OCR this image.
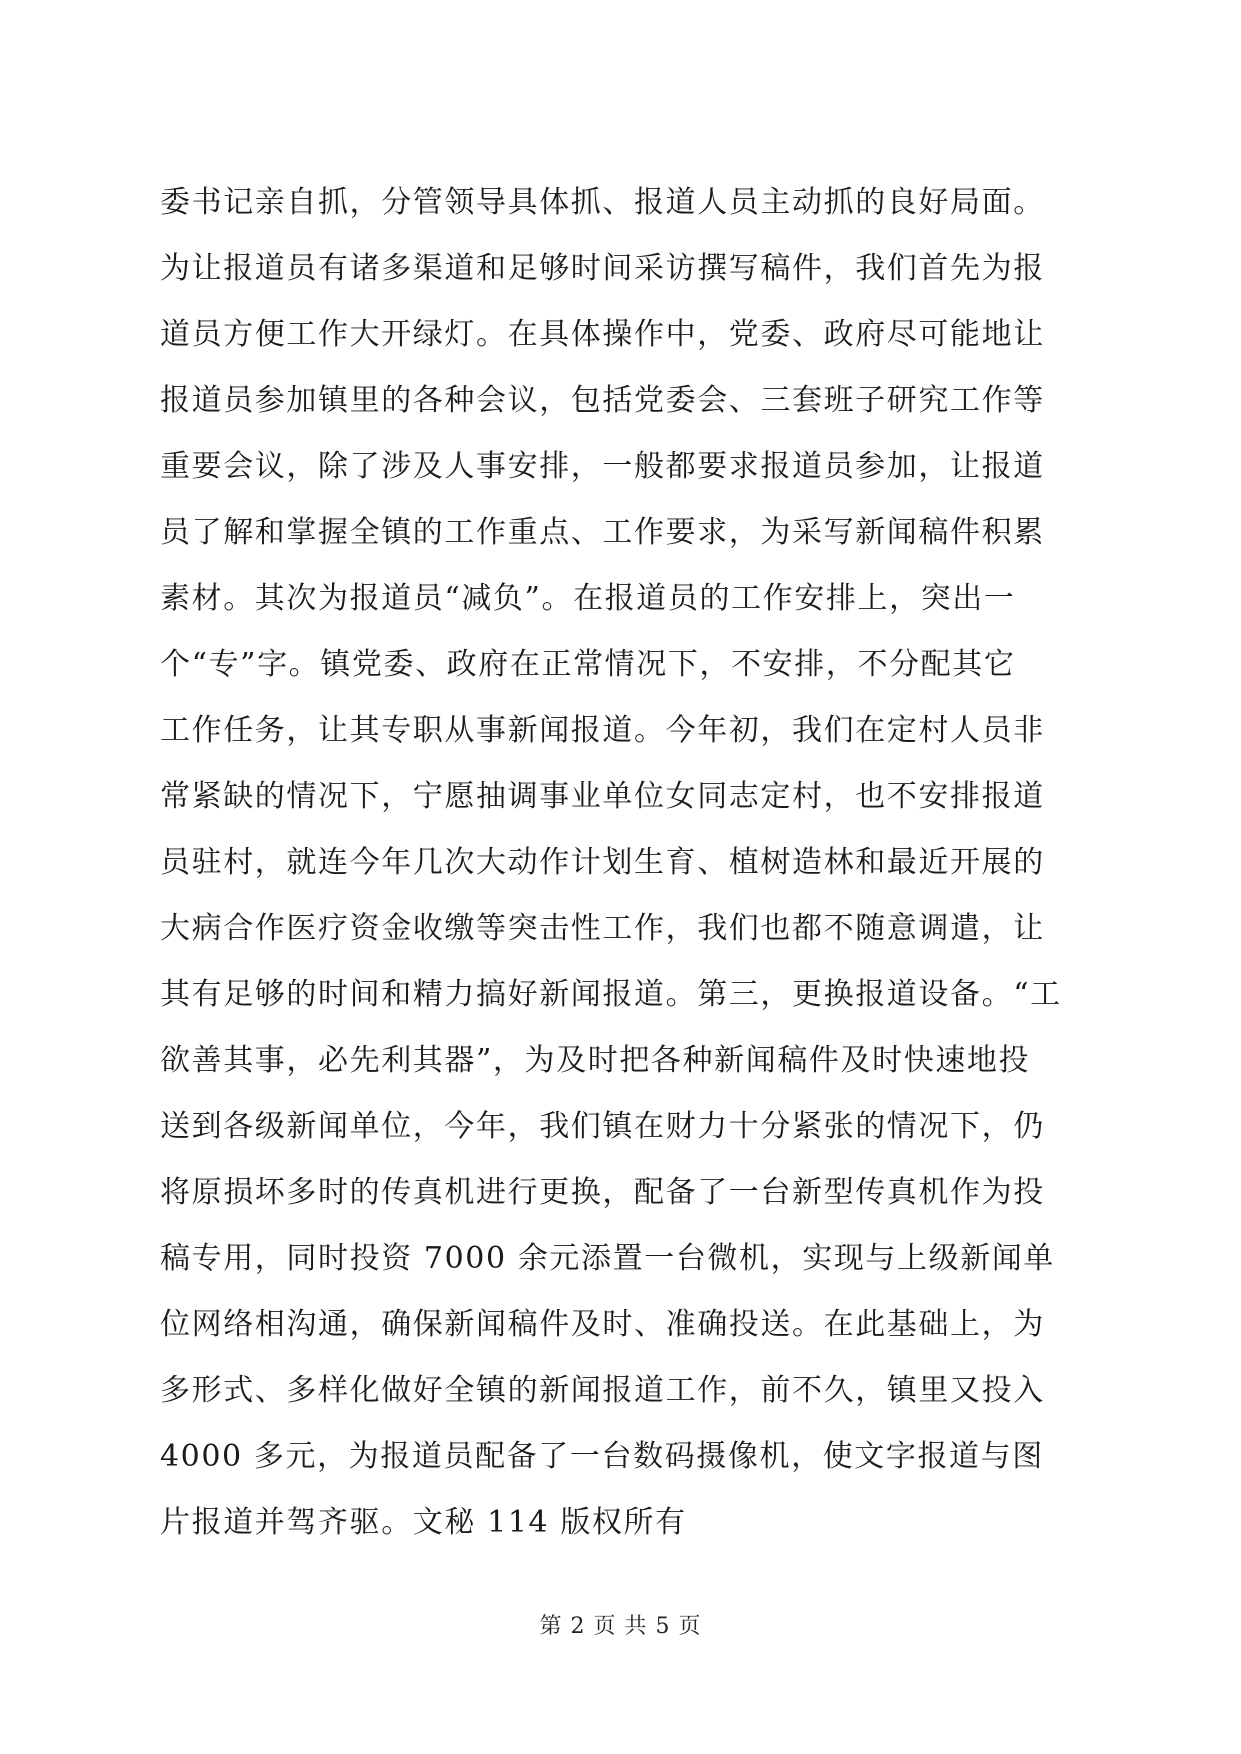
委书记亲自抓，分管领导具体抓、报道人员主动抓的良好局面。
为让报道员有诸多渠道和足够时间采访撰写稿件，我们首先为报
道员方便工作大开绿灯。在具体操作中，党委、政府尽可能地让
报道员参加镇里的各种会议，包括党委会、三套班子研究工作等
重要会议，除了涉及人事安排，一般都要求报道员参加，让报道
员了解和掌握全镇的工作重点、工作要求，为采写新闻稿件积累
素材。其次为报道员“减负”。在报道员的工作安排上，突出一
个“专”字。镇党委、政府在正常情况下，不安排，不分配其它
工作任务，让其专职从事新闻报道。今年初，我们在定村人员非
常紧缺的情况下，宁愿抽调事业单位女同志定村，也不安排报道
员驻村，就连今年几次大动作计划生育、植树造林和最近开展的
大病合作医疗资金收缴等突击性工作，我们也都不随意调遣，让
其有足够的时间和精力搞好新闻报道。第三，更换报道设备。“工
欲善其事，必先利其器”，为及时把各种新闻稿件及时快速地投
送到各级新闻单位，今年，我们镇在财力十分紧张的情况下，仍
将原损坏多时的传真机进行更换，配备了一台新型传真机作为投
稿专用，同时投资 7000 余元添置一台微机，实现与上级新闻单
位网络相沟通，确保新闻稿件及时、准确投送。在此基础上，为
多形式、多样化做好全镇的新闻报道工作，前不久，镇里又投入
4000 多元，为报道员配备了一台数码摄像机，使文字报道与图
片报道并驾齐驱。文秘 114 版权所有
第 2 页 共 5 页
